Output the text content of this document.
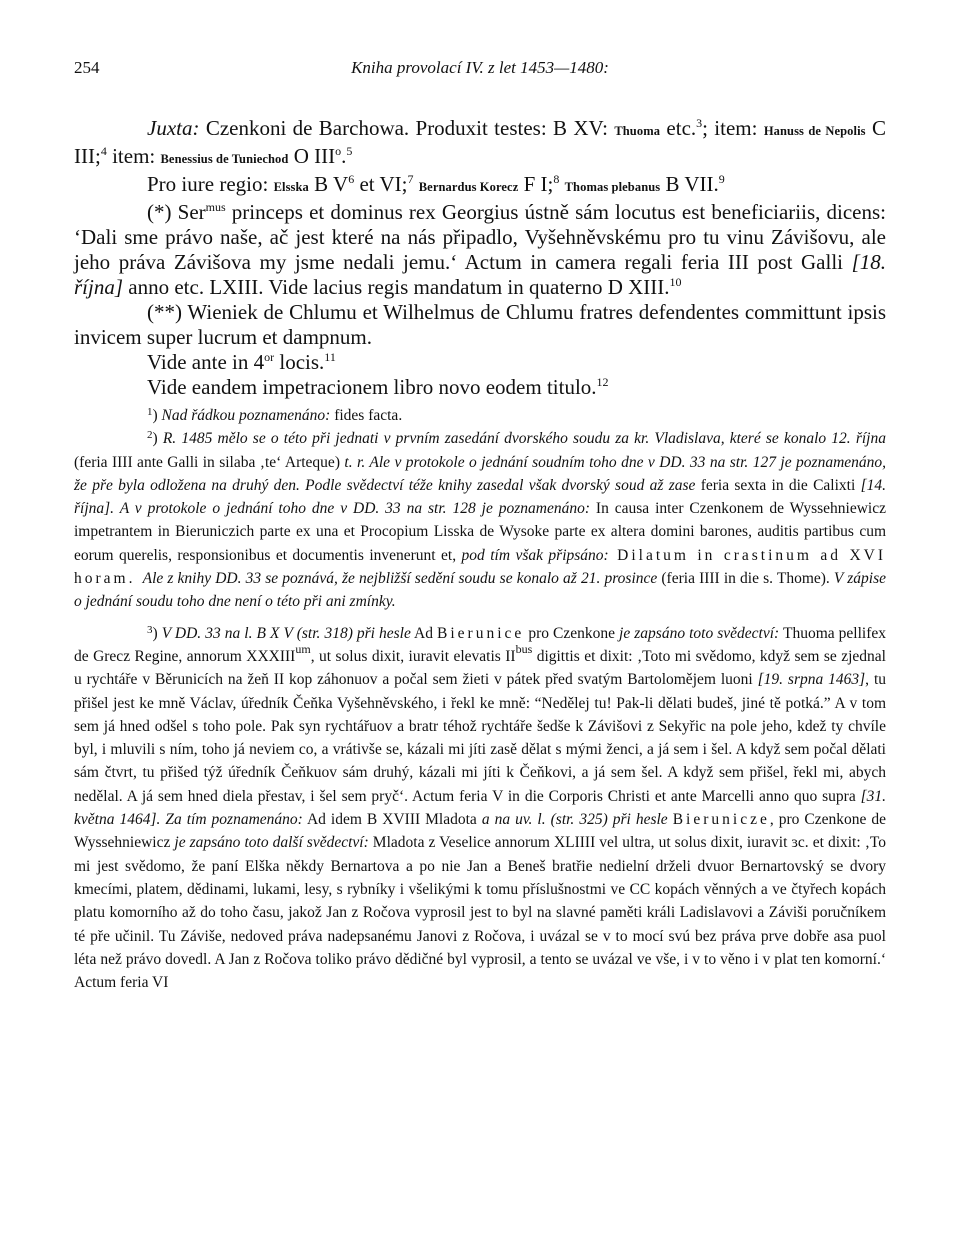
254	Kniha provolací IV. z let 1453—1480:

Juxta: Czenkoni de Barchowa. Produxit testes: B XV: Thuoma etc.$^3$; item: Hanuss de Nepolis C III;$^4$ item: Benessius de Tuniechod O III$^o$.$^5$

Pro iure regio: Elsska B $V^6$ et VI;$^7$ Bernardus Korecz F I;$^8$ Thomas plebanus B VII.$^9$

(*) Ser$^{mus}$ princeps et dominus rex Georgius ústně sám locutus est beneficiariis, dicens: ‘Dali sme právo naše, ač jest které na nás připadlo, Vyšehněvskému pro tu vinu Závišovu, ale jeho práva Závišova my jsme nedali jemu.‘ Actum in camera regali feria III post Galli [18. října] anno etc. LXIII. Vide lacius regis mandatum in quaterno D XIII.$^{10}$

(**) Wieniek de Chlumu et Wilhelmus de Chlumu fratres defendentes committunt ipsis invicem super lucrum et dampnum.

Vide ante in $4^{or}$ locis.$^{11}$

Vide eandem impetracionem libro novo eodem titulo.$^{12}$

$^1$) Nad řádkou poznamenáno: fides facta.

$^2$) R. 1485 mělo se o této při jednati v prvním zasedání dvorského soudu za kr. Vladislava, které se konalo 12. října (feria IIII ante Galli in silaba ‚te‘ Arteque) t. r. Ale v protokole o jednání soudním toho dne v DD. 33 na str. 127 je poznamenáno, že pře byla odložena na druhý den. Podle svědectví téže knihy zasedal však dvorský soud až zase feria sexta in die Calixti [14. října]. A v protokole o jednání toho dne v DD. 33 na str. 128 je poznamenáno: In causa inter Czenkonem de Wyssehniewicz impetrantem in Bieruniczich parte ex una et Procopium Lisska de Wysoke parte ex altera domini barones, auditis partibus cum eorum querelis, responsionibus et documentis invenerunt et, pod tím však připsáno: Dilatum in crastinum ad XVI horam. Ale z knihy DD. 33 se poznává, že nejbližší sedění soudu se konalo až 21. prosince (feria IIII in die s. Thome). V zápise o jednání soudu toho dne není o této při ani zmínky.

$^3$) V DD. 33 na l. B X V (str. 318) při hesle Ad Bierunice pro Czenkone je zapsáno toto svědectví: Thuoma pellifex de Grecz Regine, annorum $XXXIII^{um}$, ut solus dixit, iuravit elevatis $II^{bus}$ digittis et dixit: ‚Toto mi svědomo, když sem se zjednal u rychtáře v Běrunicích na žeň II kop záhonuov a počal sem žieti v pátek před svatým Bartolomějem luoni [19. srpna 1463], tu přišel jest ke mně Václav, úředník Čeňka Vyšehněvského, i řekl ke mně: “Nedělej tu! Pak-li dělati budeš, jiné tě potká.” A v tom sem já hned odšel s toho pole. Pak syn rychtářuov a bratr téhož rychtáře šedše k Závišovi z Sekyřic na pole jeho, kdež ty chvíle byl, i mluvili s ním, toho já neviem co, a vrátivše se, kázali mi jíti zasě dělat s mými ženci, a já sem i šel. A když sem počal dělati sám čtvrt, tu přišed týž úředník Čeňkuov sám druhý, kázali mi jíti k Čeňkovi, a já sem šel. A když sem přišel, řekl mi, abych nedělal. A já sem hned diela přestav, i šel sem pryč‘. Actum feria V in die Corporis Christi et ante Marcelli anno quo supra [31. května 1464]. Za tím poznamenáno: Ad idem B XVIII Mladota a na uv. l. (str. 325) při hesle Bierunicze, pro Czenkone de Wyssehniewicz je zapsáno toto další svědectví: Mladota z Veselice annorum XLIIII vel ultra, ut solus dixit, iuravit ɜc. et dixit: ‚To mi jest svědomo, že paní Elška někdy Bernartova a po nie Jan a Beneš bratřie nedielní drželi dvuor Bernartovský se dvory kmecími, platem, dědinami, lukami, lesy, s rybníky i všelikými k tomu příslušnostmi ve CC kopách věnných a ve čtyřech kopách platu komorního až do toho času, jakož Jan z Ročova vyprosil jest to byl na slavné paměti králi Ladislavovi a Záviši poručníkem té pře učinil. Tu Záviše, nedoved práva nadepsanému Janovi z Ročova, i uvázal se v to mocí svú bez práva prve dobře asa puol léta než právo dovedl. A Jan z Ročova toliko právo dědičné byl vyprosil, a tento se uvázal ve vše, i v to věno i v plat ten komorní.‘ Actum feria VI
